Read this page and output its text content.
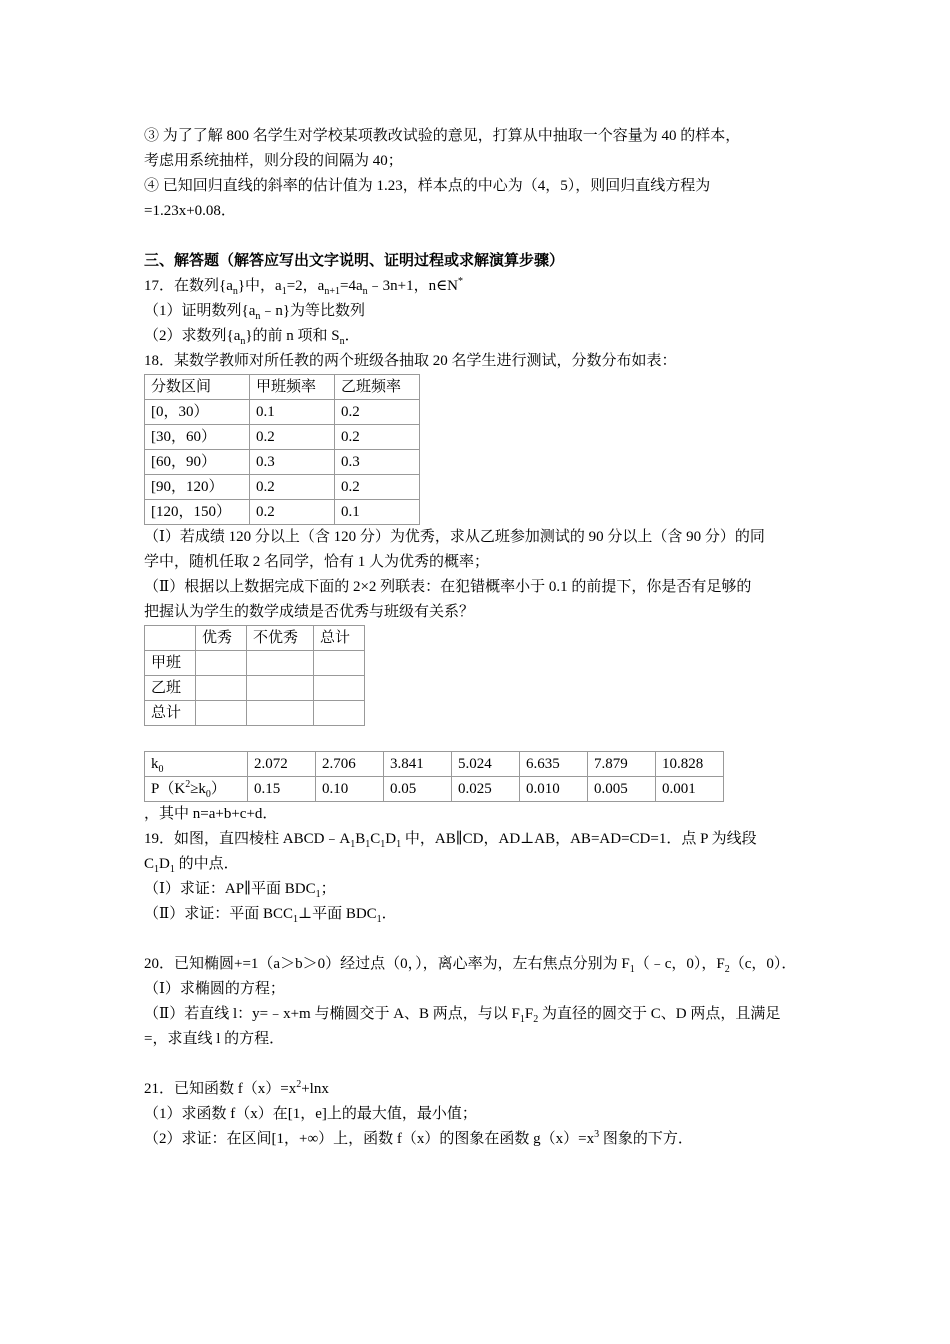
③ 为了了解 800 名学生对学校某项教改试验的意见，打算从中抽取一个容量为 40 的样本，
考虑用系统抽样，则分段的间隔为 40；
④ 已知回归直线的斜率的估计值为 1.23，样本点的中心为（4，5），则回归直线方程为
=1.23x+0.08．
三、解答题（解答应写出文字说明、证明过程或求解演算步骤）
17．在数列$\{a_n\}$中，$a_1=2$，$a_{n+1}=4a_n﹣3n+1$，n∈N*
（1）证明数列$\{a_n﹣n\}$为等比数列
（2）求数列$\{a_n\}$的前 n 项和 $S_n$．
18．某数学教师对所任教的两个班级各抽取 20 名学生进行测试，分数分布如表：
分数区间	甲班频率	乙班频率
[0，30）	0.1	0.2
[30，60）	0.2	0.2
[60，90）	0.3	0.3
[90，120）	0.2	0.2
[120，150）	0.2	0.1
（Ⅰ）若成绩 120 分以上（含 120 分）为优秀，求从乙班参加测试的 90 分以上（含 90 分）的同
学中，随机任取 2 名同学，恰有 1 人为优秀的概率；
（Ⅱ）根据以上数据完成下面的 2×2 列联表：在犯错概率小于 0.1 的前提下，你是否有足够的
把握认为学生的数学成绩是否优秀与班级有关系？
	优秀	不优秀	总计
甲班			
乙班			
总计			
$k_0$	2.072	2.706	3.841	5.024	6.635	7.879	10.828
$P(K^2\ge k_0)$	0.15	0.10	0.05	0.025	0.010	0.005	0.001
，其中 n=a+b+c+d．
19．如图，直四棱柱 $ABCD﹣A_1B_1C_1D_1$ 中，AB∥CD，AD⊥AB，AB=AD=CD=1．点 P 为线段
$C_1D_1$ 的中点．
（Ⅰ）求证：AP∥平面 $BDC_1$；
（Ⅱ）求证：平面 $BCC_1\perp$平面 $BDC_1$．
20．已知椭圆+=1（a＞b＞0）经过点（0，），离心率为，左右焦点分别为 $F_1(﹣c$，0），$F_2(c$，0）．
（Ⅰ）求椭圆的方程；
（Ⅱ）若直线 l：y=﹣x+m 与椭圆交于 A、B 两点，与以 $F_1F_2$ 为直径的圆交于 C、D 两点，且满足
=，求直线 l 的方程．
21．已知函数 $f(x)=x^2+\ln x$
（1）求函数 f（x）在[1，e]上的最大值，最小值；
（2）求证：在区间[1，+∞）上，函数 f（x）的图象在函数 $g(x)=x^3$ 图象的下方．
